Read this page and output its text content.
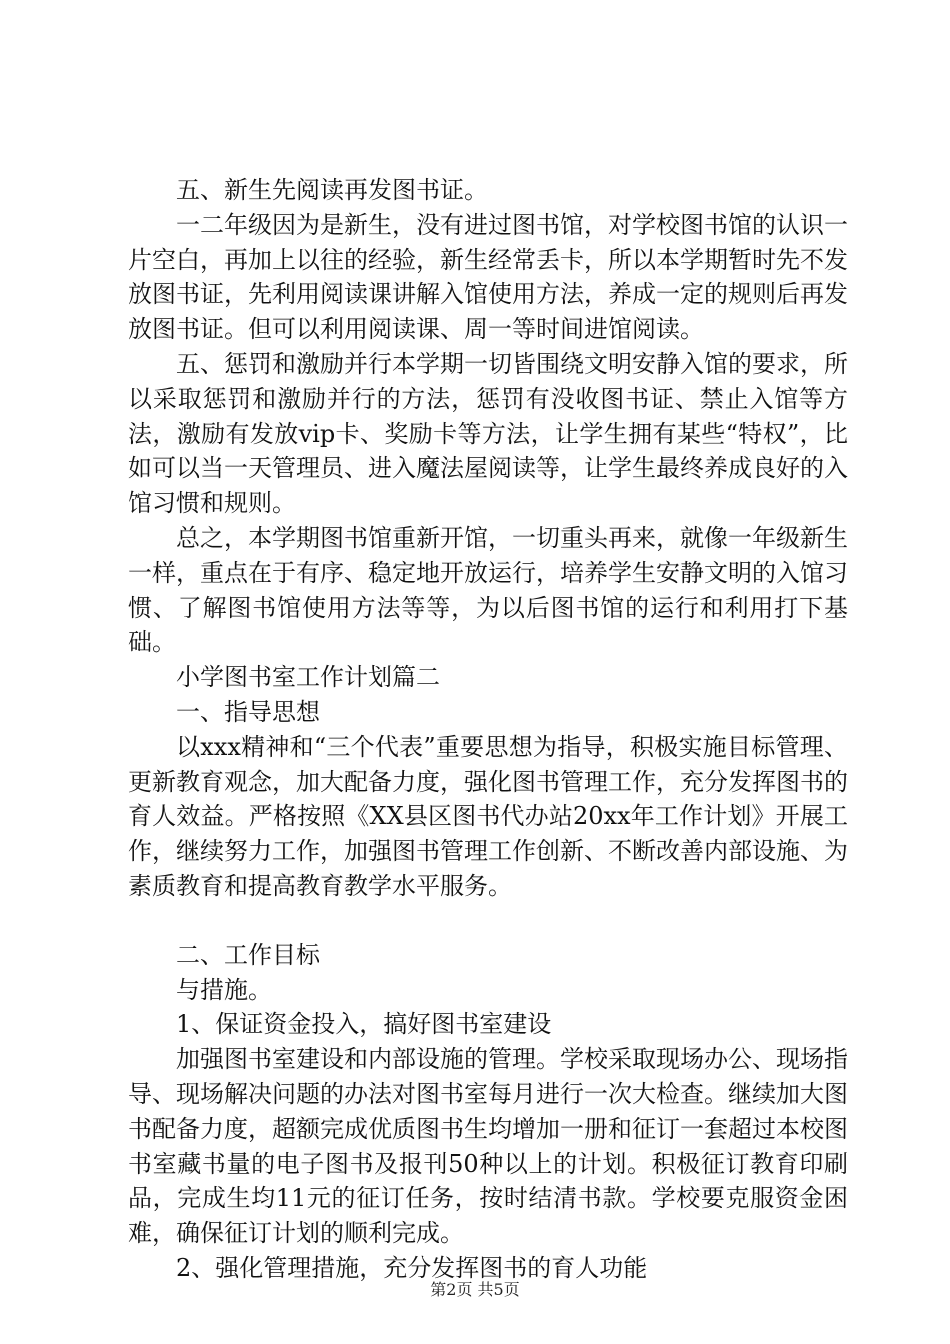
五、新生先阅读再发图书证。

一二年级因为是新生，没有进过图书馆，对学校图书馆的认识一片空白，再加上以往的经验，新生经常丢卡，所以本学期暂时先不发放图书证，先利用阅读课讲解入馆使用方法，养成一定的规则后再发放图书证。但可以利用阅读课、周一等时间进馆阅读。

五、惩罚和激励并行本学期一切皆围绕文明安静入馆的要求，所以采取惩罚和激励并行的方法，惩罚有没收图书证、禁止入馆等方法，激励有发放vip卡、奖励卡等方法，让学生拥有某些“特权”，比如可以当一天管理员、进入魔法屋阅读等，让学生最终养成良好的入馆习惯和规则。

总之，本学期图书馆重新开馆，一切重头再来，就像一年级新生一样，重点在于有序、稳定地开放运行，培养学生安静文明的入馆习惯、了解图书馆使用方法等等，为以后图书馆的运行和利用打下基础。

小学图书室工作计划篇二

一、指导思想

以xxx精神和“三个代表”重要思想为指导，积极实施目标管理、更新教育观念，加大配备力度，强化图书管理工作，充分发挥图书的育人效益。严格按照《XX县区图书代办站20xx年工作计划》开展工作，继续努力工作，加强图书管理工作创新、不断改善内部设施、为素质教育和提高教育教学水平服务。

二、工作目标

与措施。

1、保证资金投入，搞好图书室建设

加强图书室建设和内部设施的管理。学校采取现场办公、现场指导、现场解决问题的办法对图书室每月进行一次大检查。继续加大图书配备力度，超额完成优质图书生均增加一册和征订一套超过本校图书室藏书量的电子图书及报刊50种以上的计划。积极征订教育印刷品，完成生均11元的征订任务，按时结清书款。学校要克服资金困难，确保征订计划的顺利完成。

2、强化管理措施，充分发挥图书的育人功能

第2页 共5页
